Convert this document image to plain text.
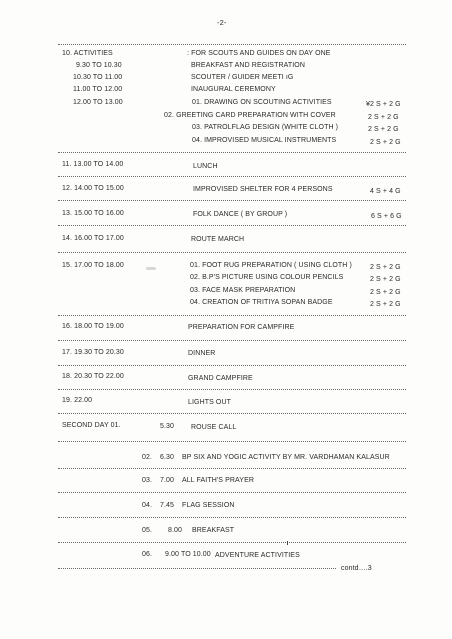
-2-
10. ACTIVITIES	: FOR SCOUTS AND GUIDES ON DAY ONE
9.30 TO 10.30	BREAKFAST AND REGISTRATION
10.30 TO 11.00	SCOUTER / GUIDER MEETI ıG
11.00 TO 12.00	INAUGURAL CEREMONY
12.00 TO 13.00	01. DRAWING ON SCOUTING ACTIVITIES	¥2 S + 2 G
02. GREETING CARD PREPARATION WITH COVER	2 S + 2 G
03. PATROLFLAG DESIGN (WHITE CLOTH )	2 S + 2 G
04. IMPROVISED MUSICAL INSTRUMENTS	2 S + 2 G
11. 13.00 TO 14.00	LUNCH
12. 14.00 TO 15.00	IMPROVISED SHELTER FOR 4 PERSONS	4 S + 4 G
13. 15.00 TO 16.00	FOLK DANCE ( BY GROUP )	6 S + 6 G
14. 16.00 TO 17.00	ROUTE MARCH
15. 17.00 TO 18.00	01. FOOT RUG PREPARATION ( USING CLOTH )	2 S + 2 G
02. B.P'S PICTURE USING COLOUR PENCILS	2 S + 2 G
03. FACE MASK PREPARATION	2 S + 2 G
04. CREATION OF TRITIYA SOPAN BADGE	2 S + 2 G
16. 18.00 TO 19.00	PREPARATION FOR CAMPFIRE
17. 19.30 TO 20.30	DINNER
18. 20.30 TO 22.00	GRAND CAMPFIRE
19. 22.00	LIGHTS OUT
SECOND DAY 01.	5.30 ROUSE CALL
02. 6.30 BP SIX AND YOGIC ACTIVITY BY MR. VARDHAMAN KALASUR
03. 7.00 ALL FAITH'S PRAYER
04. 7.45 FLAG SESSION
05. 8.00 BREAKFAST
06. 9.00 TO 10.00 ADVENTURE ACTIVITIES
contd….3
